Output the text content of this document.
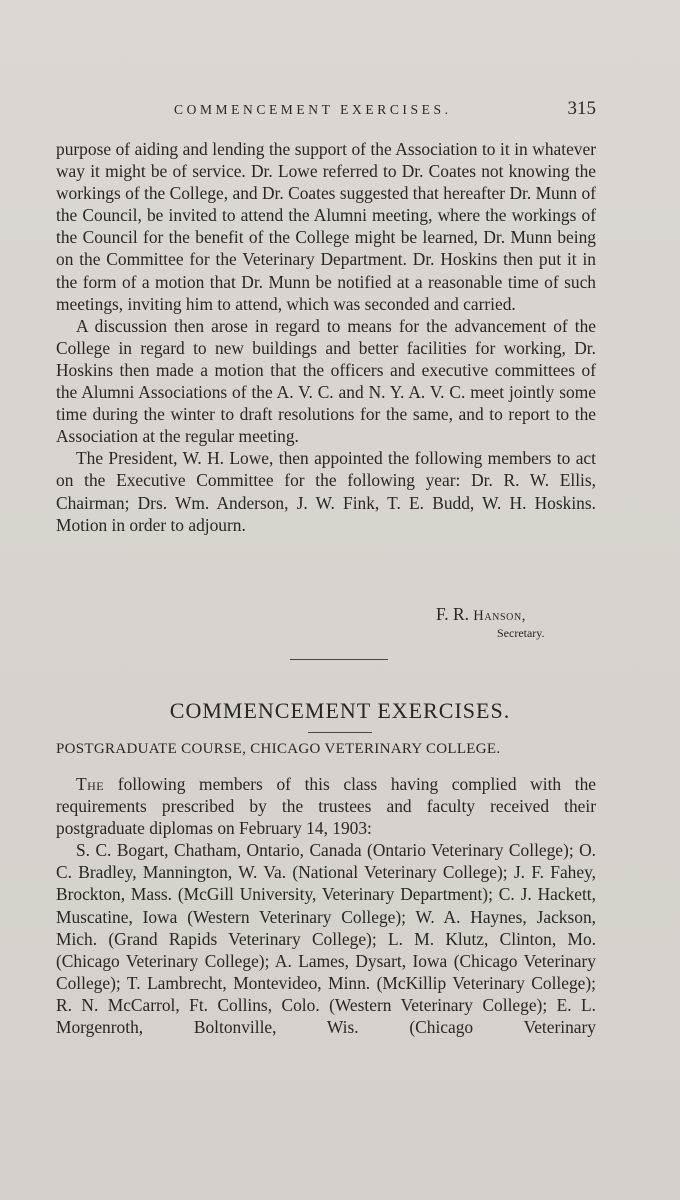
COMMENCEMENT EXERCISES.	315

purpose of aiding and lending the support of the Association to it in whatever way it might be of service. Dr. Lowe referred to Dr. Coates not knowing the workings of the College, and Dr. Coates suggested that hereafter Dr. Munn of the Council, be invited to attend the Alumni meeting, where the workings of the Council for the benefit of the College might be learned, Dr. Munn being on the Committee for the Veterinary Department. Dr. Hoskins then put it in the form of a motion that Dr. Munn be notified at a reasonable time of such meetings, inviting him to attend, which was seconded and carried.

A discussion then arose in regard to means for the advancement of the College in regard to new buildings and better facilities for working, Dr. Hoskins then made a motion that the officers and executive committees of the Alumni Associations of the A. V. C. and N. Y. A. V. C. meet jointly some time during the winter to draft resolutions for the same, and to report to the Association at the regular meeting.

The President, W. H. Lowe, then appointed the following members to act on the Executive Committee for the following year: Dr. R. W. Ellis, Chairman; Drs. Wm. Anderson, J. W. Fink, T. E. Budd, W. H. Hoskins. Motion in order to adjourn.

F. R. Hanson,
Secretary.
COMMENCEMENT EXERCISES.
POSTGRADUATE COURSE, CHICAGO VETERINARY COLLEGE.

The following members of this class having complied with the requirements prescribed by the trustees and faculty received their postgraduate diplomas on February 14, 1903:

S. C. Bogart, Chatham, Ontario, Canada (Ontario Veterinary College); O. C. Bradley, Mannington, W. Va. (National Veterinary College); J. F. Fahey, Brockton, Mass. (McGill University, Veterinary Department); C. J. Hackett, Muscatine, Iowa (Western Veterinary College); W. A. Haynes, Jackson, Mich. (Grand Rapids Veterinary College); L. M. Klutz, Clinton, Mo. (Chicago Veterinary College); A. Lames, Dysart, Iowa (Chicago Veterinary College); T. Lambrecht, Montevideo, Minn. (McKillip Veterinary College); R. N. McCarrol, Ft. Collins, Colo. (Western Veterinary College); E. L. Morgenroth, Boltonville, Wis. (Chicago Veterinary
